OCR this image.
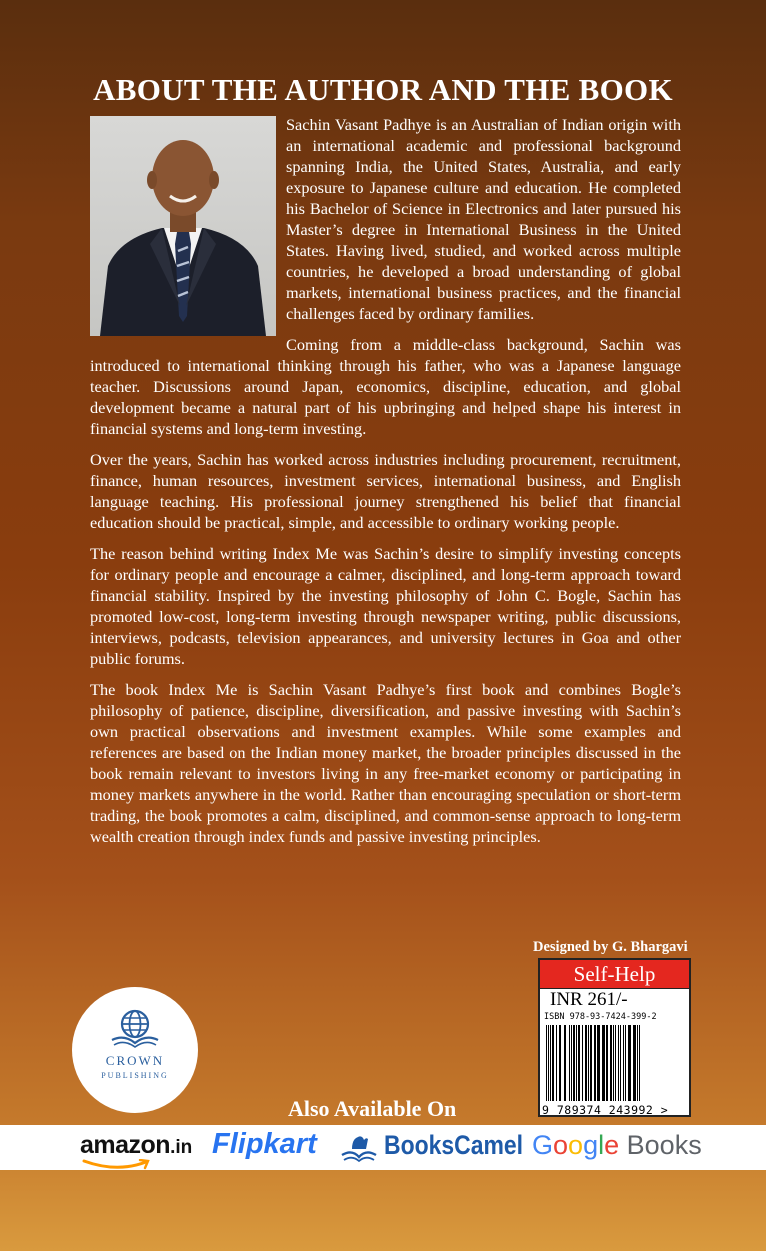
ABOUT THE AUTHOR AND THE BOOK

Sachin Vasant Padhye is an Australian of Indian origin with an international academic and professional background spanning India, the United States, Australia, and early exposure to Japanese culture and education. He completed his Bachelor of Science in Electronics and later pursued his Master’s degree in International Business in the United States. Having lived, studied, and worked across multiple countries, he developed a broad understanding of global markets, international business practices, and the financial challenges faced by ordinary families.

Coming from a middle-class background, Sachin was introduced to international thinking through his father, who was a Japanese language teacher. Discussions around Japan, economics, discipline, education, and global development became a natural part of his upbringing and helped shape his interest in financial systems and long-term investing.

Over the years, Sachin has worked across industries including procurement, recruitment, finance, human resources, investment services, international business, and English language teaching. His professional journey strengthened his belief that financial education should be practical, simple, and accessible to ordinary working people.

The reason behind writing Index Me was Sachin’s desire to simplify investing concepts for ordinary people and encourage a calmer, disciplined, and long-term approach toward financial stability. Inspired by the investing philosophy of John C. Bogle, Sachin has promoted low-cost, long-term investing through newspaper writing, public discussions, interviews, podcasts, television appearances, and university lectures in Goa and other public forums.

The book Index Me is Sachin Vasant Padhye’s first book and combines Bogle’s philosophy of patience, discipline, diversification, and passive investing with Sachin’s own practical observations and investment examples. While some examples and references are based on the Indian money market, the broader principles discussed in the book remain relevant to investors living in any free-market economy or participating in money markets anywhere in the world. Rather than encouraging speculation or short-term trading, the book promotes a calm, disciplined, and common-sense approach to long-term wealth creation through index funds and passive investing principles.

Designed by G. Bhargavi
Self-Help
INR 261/-
ISBN 978-93-7424-399-2
9 789374 243992 >
CROWN
PUBLISHING
Also Available On
amazon.in Flipkart BooksCamel Google Books
